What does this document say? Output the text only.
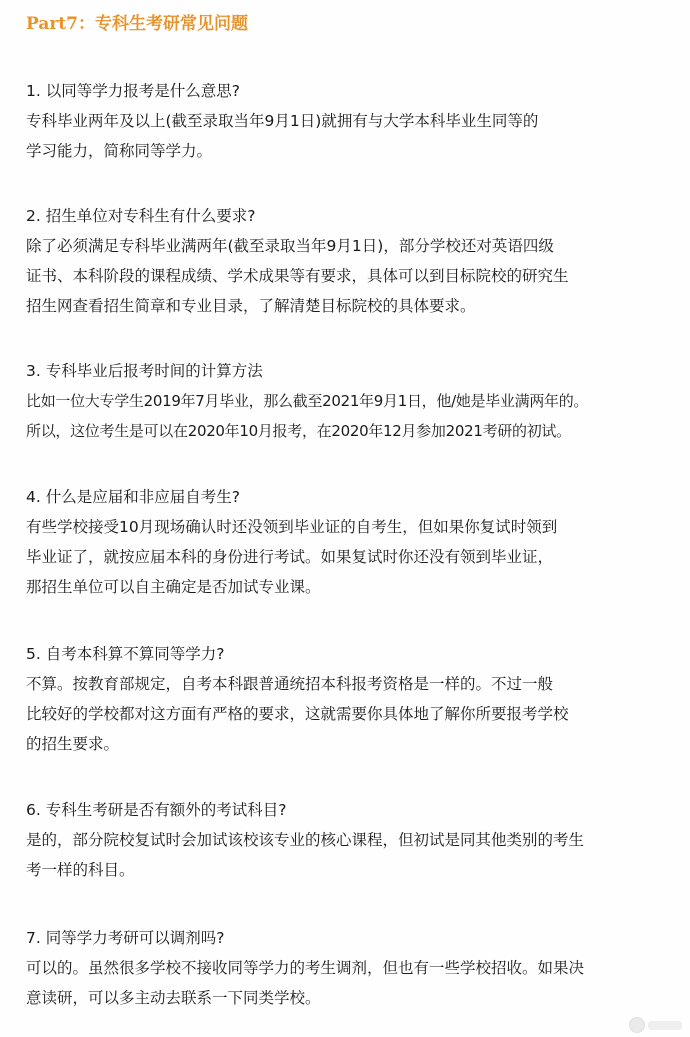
Part7：专科生考研常见问题
1. 以同等学力报考是什么意思?
专科毕业两年及以上(截至录取当年9月1日)就拥有与大学本科毕业生同等的
学习能力，简称同等学力。
2. 招生单位对专科生有什么要求?
除了必须满足专科毕业满两年(截至录取当年9月1日)，部分学校还对英语四级
证书、本科阶段的课程成绩、学术成果等有要求，具体可以到目标院校的研究生
招生网查看招生简章和专业目录，了解清楚目标院校的具体要求。
3. 专科毕业后报考时间的计算方法
比如一位大专学生2019年7月毕业，那么截至2021年9月1日，他/她是毕业满两年的。
所以，这位考生是可以在2020年10月报考，在2020年12月参加2021考研的初试。
4. 什么是应届和非应届自考生?
有些学校接受10月现场确认时还没领到毕业证的自考生，但如果你复试时领到
毕业证了，就按应届本科的身份进行考试。如果复试时你还没有领到毕业证，
那招生单位可以自主确定是否加试专业课。
5. 自考本科算不算同等学力?
不算。按教育部规定，自考本科跟普通统招本科报考资格是一样的。不过一般
比较好的学校都对这方面有严格的要求，这就需要你具体地了解你所要报考学校
的招生要求。
6. 专科生考研是否有额外的考试科目?
是的，部分院校复试时会加试该校该专业的核心课程，但初试是同其他类别的考生
考一样的科目。
7. 同等学力考研可以调剂吗?
可以的。虽然很多学校不接收同等学力的考生调剂，但也有一些学校招收。如果决
意读研，可以多主动去联系一下同类学校。
